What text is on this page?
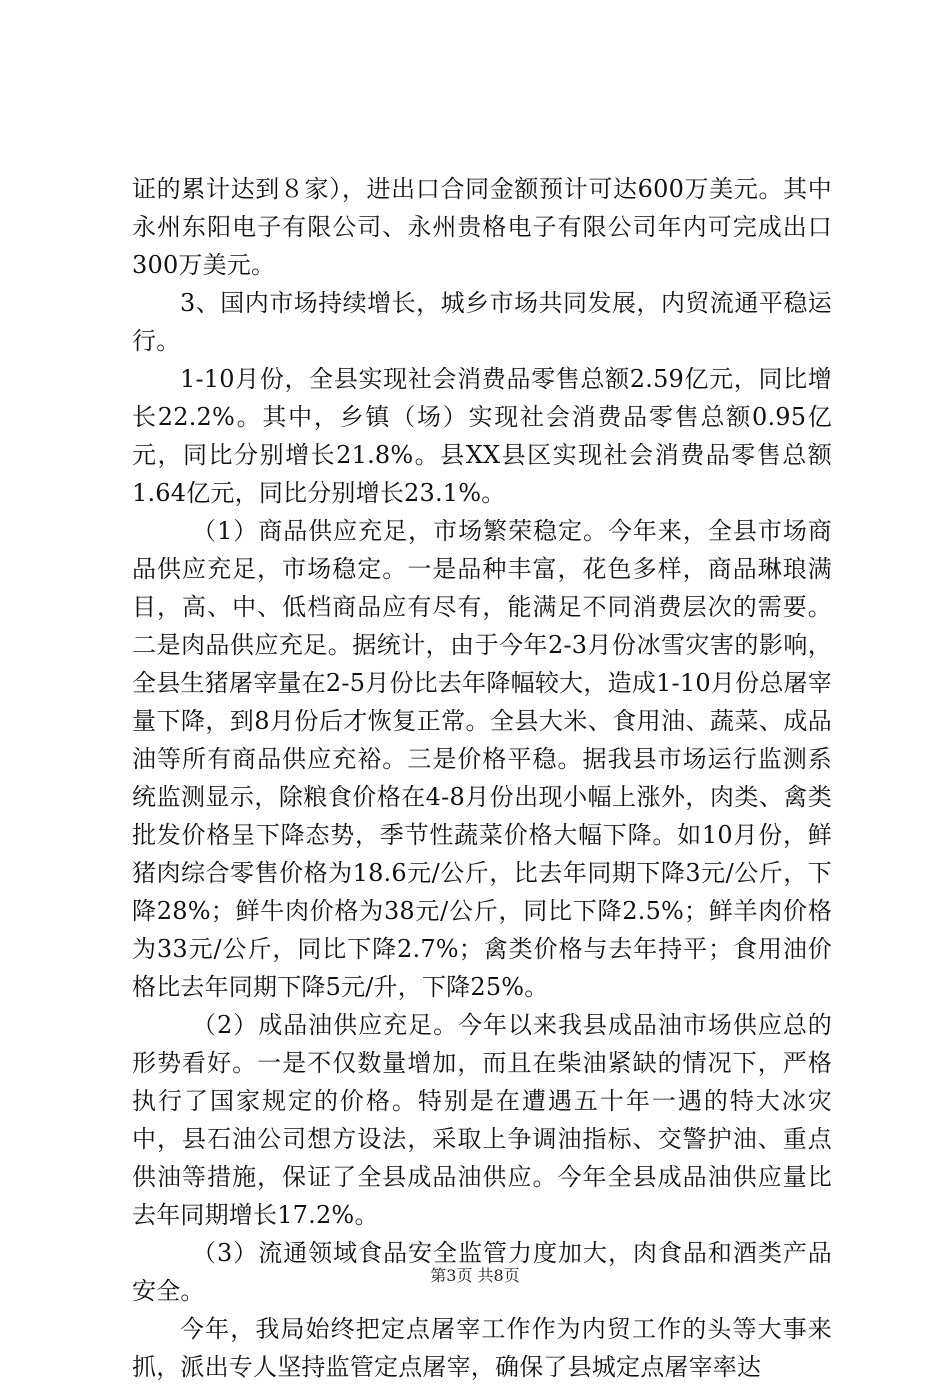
证的累计达到８家），进出口合同金额预计可达600万美元。其中永州东阳电子有限公司、永州贵格电子有限公司年内可完成出口300万美元。

3、国内市场持续增长，城乡市场共同发展，内贸流通平稳运行。

1-10月份，全县实现社会消费品零售总额2.59亿元，同比增长22.2%。其中，乡镇（场）实现社会消费品零售总额0.95亿元，同比分别增长21.8%。县XX县区实现社会消费品零售总额1.64亿元，同比分别增长23.1%。

（1）商品供应充足，市场繁荣稳定。今年来，全县市场商品供应充足，市场稳定。一是品种丰富，花色多样，商品琳琅满目，高、中、低档商品应有尽有，能满足不同消费层次的需要。二是肉品供应充足。据统计，由于今年2-3月份冰雪灾害的影响，全县生猪屠宰量在2-5月份比去年降幅较大，造成1-10月份总屠宰量下降，到8月份后才恢复正常。全县大米、食用油、蔬菜、成品油等所有商品供应充裕。三是价格平稳。据我县市场运行监测系统监测显示，除粮食价格在4-8月份出现小幅上涨外，肉类、禽类批发价格呈下降态势，季节性蔬菜价格大幅下降。如10月份，鲜猪肉综合零售价格为18.6元/公斤，比去年同期下降3元/公斤，下降28%；鲜牛肉价格为38元/公斤，同比下降2.5%；鲜羊肉价格为33元/公斤，同比下降2.7%；禽类价格与去年持平；食用油价格比去年同期下降5元/升，下降25%。

（2）成品油供应充足。今年以来我县成品油市场供应总的形势看好。一是不仅数量增加，而且在柴油紧缺的情况下，严格执行了国家规定的价格。特别是在遭遇五十年一遇的特大冰灾中，县石油公司想方设法，采取上争调油指标、交警护油、重点供油等措施，保证了全县成品油供应。今年全县成品油供应量比去年同期增长17.2%。

（3）流通领域食品安全监管力度加大，肉食品和酒类产品安全。

今年，我局始终把定点屠宰工作作为内贸工作的头等大事来抓，派出专人坚持监管定点屠宰，确保了县城定点屠宰率达

第3页 共8页
